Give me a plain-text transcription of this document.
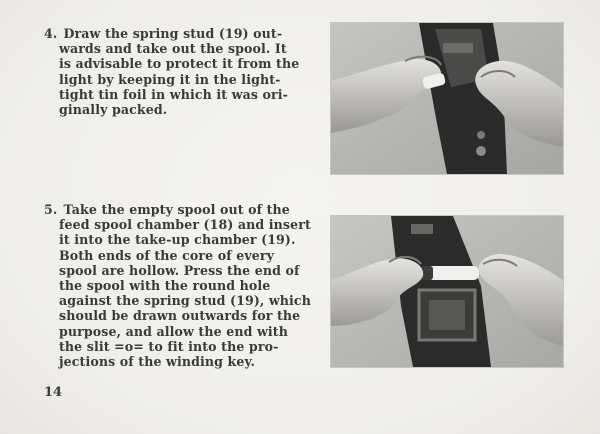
4. Draw the spring stud (19) out-
wards and take out the spool. It
is advisable to protect it from the
light by keeping it in the light-
tight tin foil in which it was ori-
ginally packed.

5. Take the empty spool out of the
feed spool chamber (18) and insert
it into the take-up chamber (19).
Both ends of the core of every
spool are hollow. Press the end of
the spool with the round hole
against the spring stud (19), which
should be drawn outwards for the
purpose, and allow the end with
the slit =o= to fit into the pro-
jections of the winding key.

14
